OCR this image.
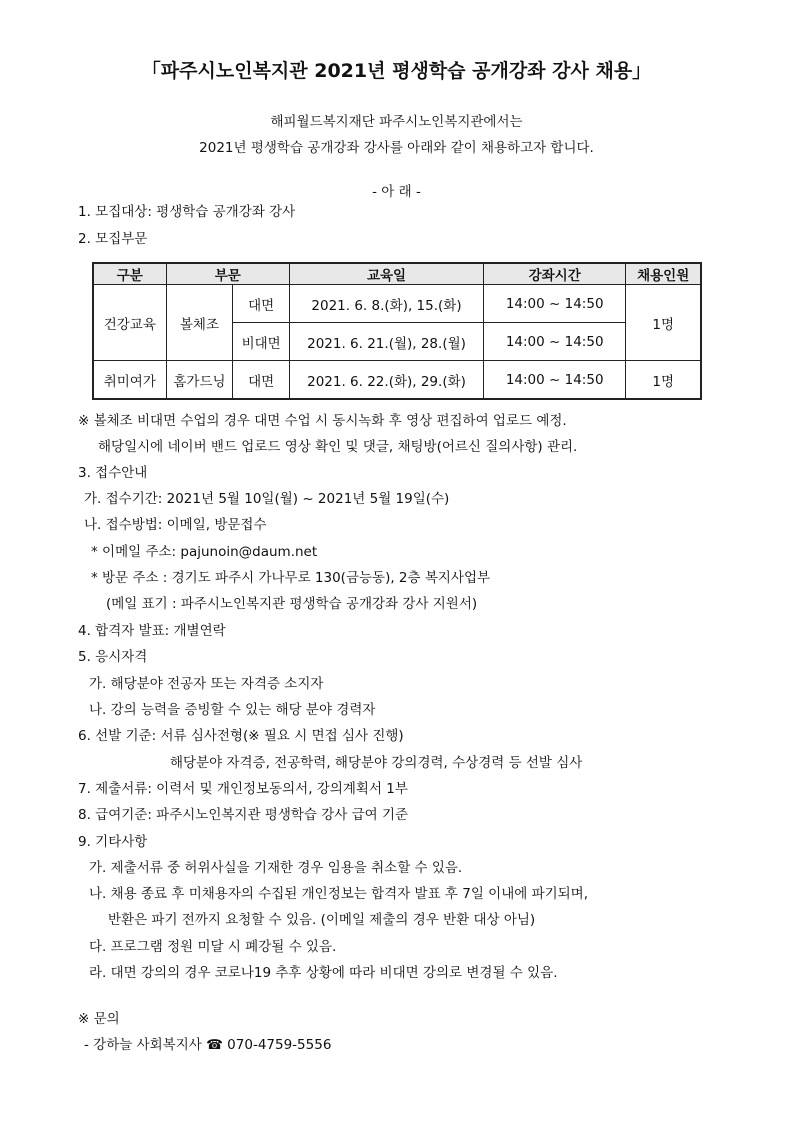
「파주시노인복지관 2021년 평생학습 공개강좌 강사 채용」
해피월드복지재단 파주시노인복지관에서는
2021년 평생학습 공개강좌 강사를 아래와 같이 채용하고자 합니다.
- 아 래 -
1. 모집대상: 평생학습 공개강좌 강사
2. 모집부문
구분	부문		교육일	강좌시간	채용인원
건강교육	볼체조	대면	2021. 6. 8.(화), 15.(화)	14:00 ~ 14:50	1명
		비대면	2021. 6. 21.(월), 28.(월)	14:00 ~ 14:50	
취미여가	홈가드닝	대면	2021. 6. 22.(화), 29.(화)	14:00 ~ 14:50	1명
※ 볼체조 비대면 수업의 경우 대면 수업 시 동시녹화 후 영상 편집하여 업로드 예정.
해당일시에 네이버 밴드 업로드 영상 확인 및 댓글, 채팅방(어르신 질의사항) 관리.
3. 접수안내
가. 접수기간: 2021년 5월 10일(월) ~ 2021년 5월 19일(수)
나. 접수방법: 이메일, 방문접수
* 이메일 주소: pajunoin@daum.net
* 방문 주소 : 경기도 파주시 가나무로 130(금능동), 2층 복지사업부
(메일 표기 : 파주시노인복지관 평생학습 공개강좌 강사 지원서)
4. 합격자 발표: 개별연락
5. 응시자격
가. 해당분야 전공자 또는 자격증 소지자
나. 강의 능력을 증빙할 수 있는 해당 분야 경력자
6. 선발 기준: 서류 심사전형(※ 필요 시 면접 심사 진행)
해당분야 자격증, 전공학력, 해당분야 강의경력, 수상경력 등 선발 심사
7. 제출서류: 이력서 및 개인정보동의서, 강의계획서 1부
8. 급여기준: 파주시노인복지관 평생학습 강사 급여 기준
9. 기타사항
가. 제출서류 중 허위사실을 기재한 경우 임용을 취소할 수 있음.
나. 채용 종료 후 미채용자의 수집된 개인정보는 합격자 발표 후 7일 이내에 파기되며,
반환은 파기 전까지 요청할 수 있음. (이메일 제출의 경우 반환 대상 아님)
다. 프로그램 정원 미달 시 폐강될 수 있음.
라. 대면 강의의 경우 코로나19 추후 상황에 따라 비대면 강의로 변경될 수 있음.
※ 문의
- 강하늘 사회복지사 ☎ 070-4759-5556
